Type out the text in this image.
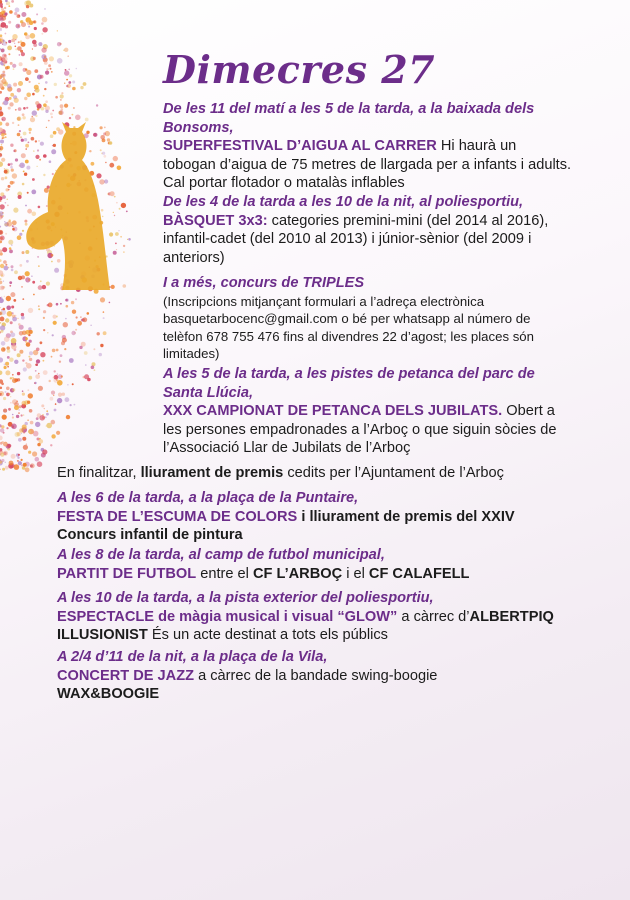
Dimecres 27

De les 11 del matí a les 5 de la tarda, a la baixada dels Bonsoms,

SUPERFESTIVAL D’AIGUA AL CARRER Hi haurà un tobogan d’aigua de 75 metres de llargada per a infants i adults. Cal portar flotador o matalàs inflables

De les 4 de la tarda a les 10 de la nit, al poliesportiu,

BÀSQUET 3x3: categories premini-mini (del 2014 al 2016), infantil-cadet (del 2010 al 2013) i júnior-sènior (del 2009 i anteriors)

I a més, concurs de TRIPLES

(Inscripcions mitjançant formulari a l’adreça electrònica basquetarbocenc@gmail.com o bé per whatsapp al número de telèfon 678 755 476 fins al divendres 22 d’agost; les places són limitades)

A les 5 de la tarda, a les pistes de petanca del parc de Santa Llúcia,

XXX CAMPIONAT DE PETANCA DELS JUBILATS. Obert a les persones empadronades a l’Arboç o que siguin sòcies de l’Associació Llar de Jubilats de l’Arboç

En finalitzar, lliurament de premis cedits per l’Ajuntament de l’Arboç

A les 6 de la tarda, a la plaça de la Puntaire,

FESTA DE L’ESCUMA DE COLORS i lliurament de premis del XXIV Concurs infantil de pintura

A les 8 de la tarda, al camp de futbol municipal,

PARTIT DE FUTBOL entre el CF L’ARBOÇ i el CF CALAFELL

A les 10 de la tarda, a la pista exterior del poliesportiu,

ESPECTACLE de màgia musical i visual “GLOW” a càrrec d’ALBERTPIQ ILLUSIONIST És un acte destinat a tots els públics

A 2/4 d’11 de la nit, a la plaça de la Vila,

CONCERT DE JAZZ a càrrec de la bandade swing-boogie WAX&BOOGIE
